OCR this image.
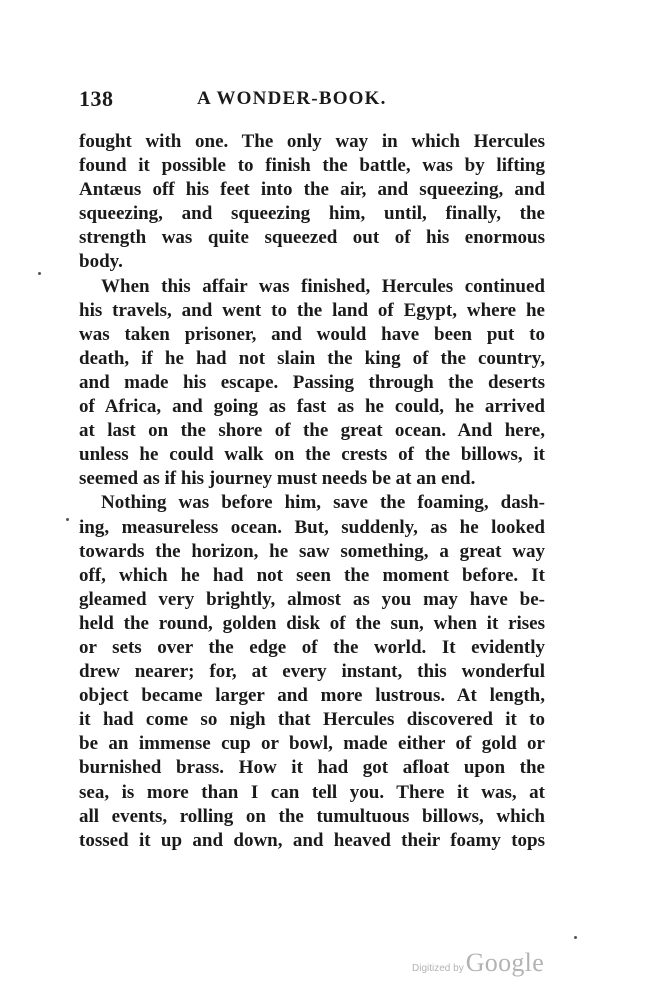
138	A WONDER-BOOK.
fought with one. The only way in which Hercules
found it possible to finish the battle, was by lifting
Antæus off his feet into the air, and squeezing, and
squeezing, and squeezing him, until, finally, the
strength was quite squeezed out of his enormous
body.
When this affair was finished, Hercules continued
his travels, and went to the land of Egypt, where he
was taken prisoner, and would have been put to
death, if he had not slain the king of the country,
and made his escape. Passing through the deserts
of Africa, and going as fast as he could, he arrived
at last on the shore of the great ocean. And here,
unless he could walk on the crests of the billows, it
seemed as if his journey must needs be at an end.
Nothing was before him, save the foaming, dash-
ing, measureless ocean. But, suddenly, as he looked
towards the horizon, he saw something, a great way
off, which he had not seen the moment before. It
gleamed very brightly, almost as you may have be-
held the round, golden disk of the sun, when it rises
or sets over the edge of the world. It evidently
drew nearer; for, at every instant, this wonderful
object became larger and more lustrous. At length,
it had come so nigh that Hercules discovered it to
be an immense cup or bowl, made either of gold or
burnished brass. How it had got afloat upon the
sea, is more than I can tell you. There it was, at
all events, rolling on the tumultuous billows, which
tossed it up and down, and heaved their foamy tops
Digitized by Google
